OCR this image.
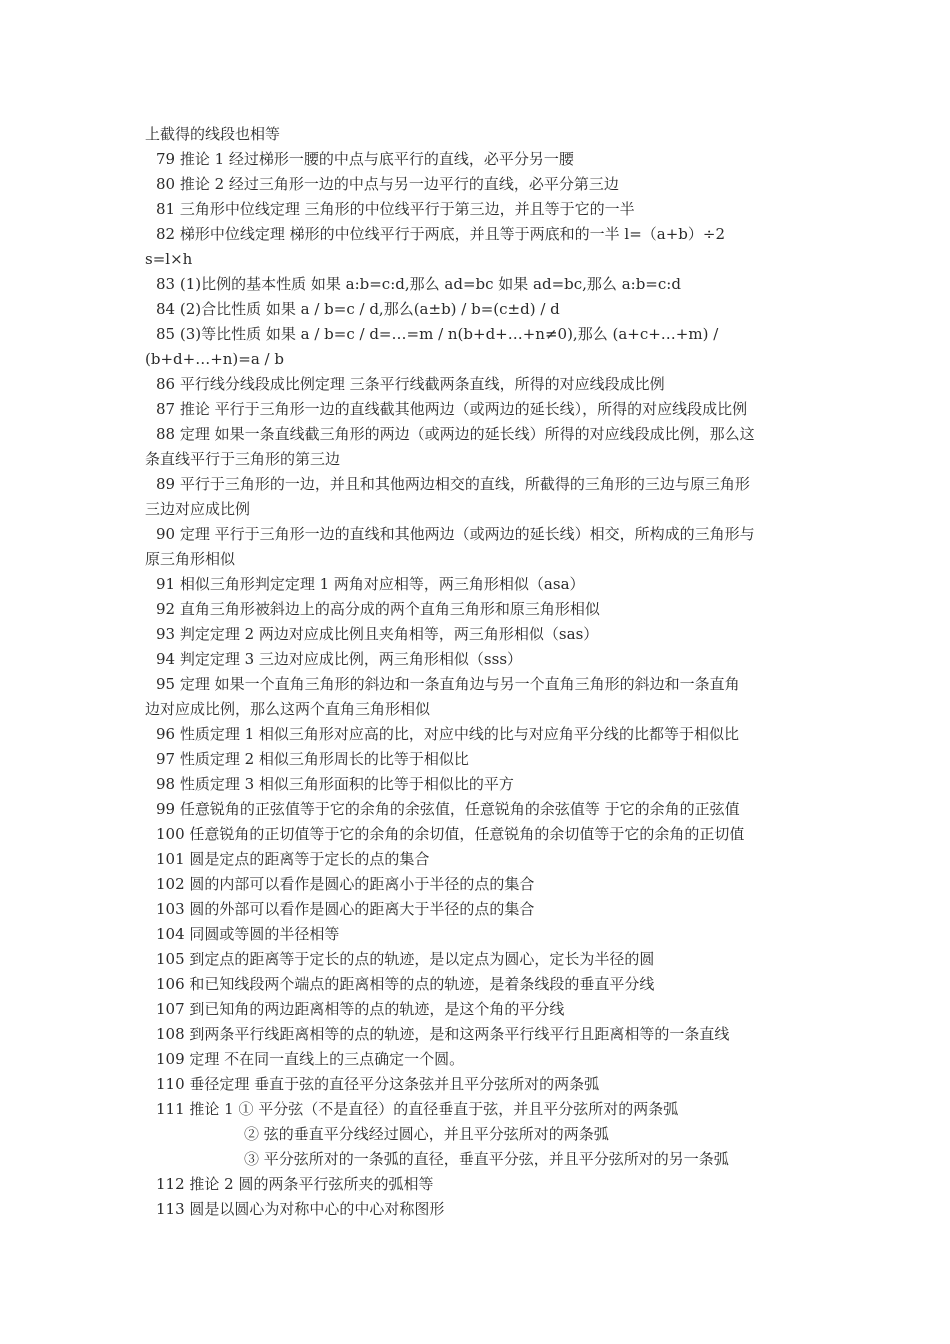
上截得的线段也相等
79 推论 1 经过梯形一腰的中点与底平行的直线，必平分另一腰
80 推论 2 经过三角形一边的中点与另一边平行的直线，必平分第三边
81 三角形中位线定理 三角形的中位线平行于第三边，并且等于它的一半
82 梯形中位线定理 梯形的中位线平行于两底，并且等于两底和的一半 l=（a+b）÷2
s=l×h
83 (1)比例的基本性质 如果 a:b=c:d,那么 ad=bc 如果 ad=bc,那么 a:b=c:d
84 (2)合比性质 如果 a / b=c / d,那么(a±b) / b=(c±d) / d
85 (3)等比性质 如果 a / b=c / d=…=m / n(b+d+…+n≠0),那么 (a+c+…+m) /
(b+d+…+n)=a / b
86 平行线分线段成比例定理 三条平行线截两条直线，所得的对应线段成比例
87 推论 平行于三角形一边的直线截其他两边（或两边的延长线），所得的对应线段成比例
88 定理 如果一条直线截三角形的两边（或两边的延长线）所得的对应线段成比例，那么这
条直线平行于三角形的第三边
89 平行于三角形的一边，并且和其他两边相交的直线，所截得的三角形的三边与原三角形
三边对应成比例
90 定理 平行于三角形一边的直线和其他两边（或两边的延长线）相交，所构成的三角形与
原三角形相似
91 相似三角形判定定理 1 两角对应相等，两三角形相似（asa）
92 直角三角形被斜边上的高分成的两个直角三角形和原三角形相似
93 判定定理 2 两边对应成比例且夹角相等，两三角形相似（sas）
94 判定定理 3 三边对应成比例，两三角形相似（sss）
95 定理 如果一个直角三角形的斜边和一条直角边与另一个直角三角形的斜边和一条直角
边对应成比例，那么这两个直角三角形相似
96 性质定理 1 相似三角形对应高的比，对应中线的比与对应角平分线的比都等于相似比
97 性质定理 2 相似三角形周长的比等于相似比
98 性质定理 3 相似三角形面积的比等于相似比的平方
99 任意锐角的正弦值等于它的余角的余弦值，任意锐角的余弦值等 于它的余角的正弦值
100 任意锐角的正切值等于它的余角的余切值，任意锐角的余切值等于它的余角的正切值
101 圆是定点的距离等于定长的点的集合
102 圆的内部可以看作是圆心的距离小于半径的点的集合
103 圆的外部可以看作是圆心的距离大于半径的点的集合
104 同圆或等圆的半径相等
105 到定点的距离等于定长的点的轨迹，是以定点为圆心，定长为半径的圆
106 和已知线段两个端点的距离相等的点的轨迹，是着条线段的垂直平分线
107 到已知角的两边距离相等的点的轨迹，是这个角的平分线
108 到两条平行线距离相等的点的轨迹，是和这两条平行线平行且距离相等的一条直线
109 定理 不在同一直线上的三点确定一个圆。
110 垂径定理 垂直于弦的直径平分这条弦并且平分弦所对的两条弧
111 推论 1 ① 平分弦（不是直径）的直径垂直于弦，并且平分弦所对的两条弧
② 弦的垂直平分线经过圆心，并且平分弦所对的两条弧
③ 平分弦所对的一条弧的直径，垂直平分弦，并且平分弦所对的另一条弧
112 推论 2 圆的两条平行弦所夹的弧相等
113 圆是以圆心为对称中心的中心对称图形
